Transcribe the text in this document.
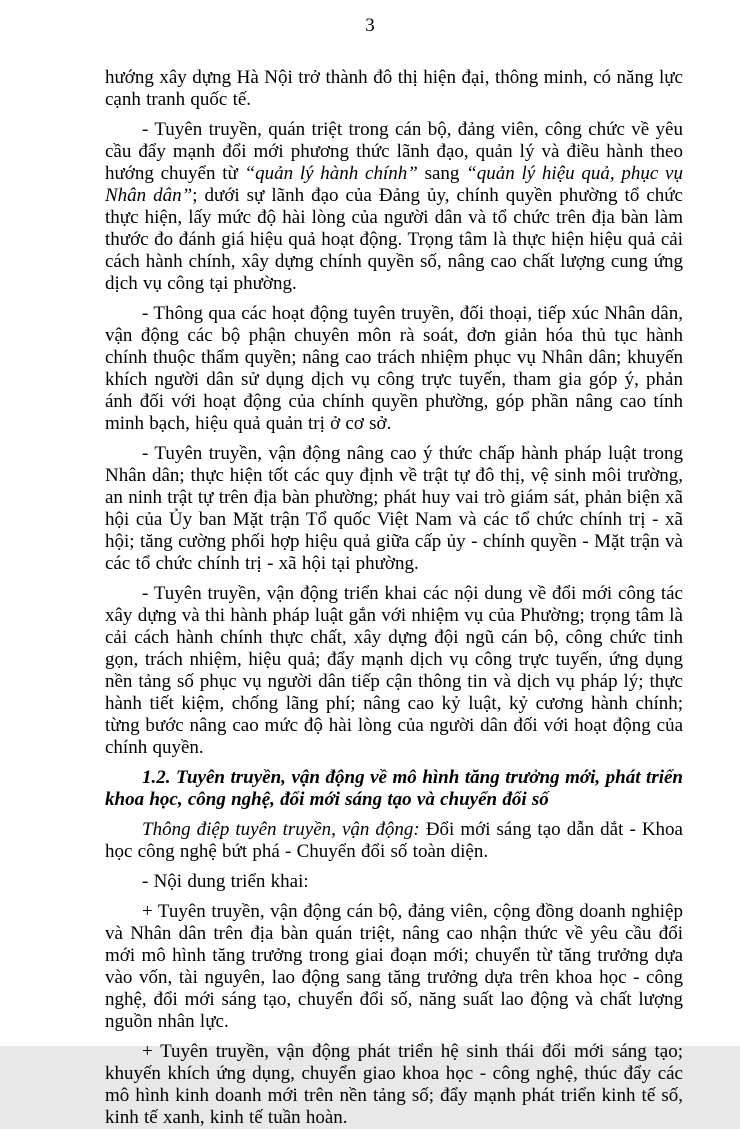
3

hướng xây dựng Hà Nội trở thành đô thị hiện đại, thông minh, có năng lực cạnh tranh quốc tế.

- Tuyên truyền, quán triệt trong cán bộ, đảng viên, công chức về yêu cầu đẩy mạnh đổi mới phương thức lãnh đạo, quản lý và điều hành theo hướng chuyển từ “quản lý hành chính” sang “quản lý hiệu quả, phục vụ Nhân dân”; dưới sự lãnh đạo của Đảng ủy, chính quyền phường tổ chức thực hiện, lấy mức độ hài lòng của người dân và tổ chức trên địa bàn làm thước đo đánh giá hiệu quả hoạt động. Trọng tâm là thực hiện hiệu quả cải cách hành chính, xây dựng chính quyền số, nâng cao chất lượng cung ứng dịch vụ công tại phường.

- Thông qua các hoạt động tuyên truyền, đối thoại, tiếp xúc Nhân dân, vận động các bộ phận chuyên môn rà soát, đơn giản hóa thủ tục hành chính thuộc thẩm quyền; nâng cao trách nhiệm phục vụ Nhân dân; khuyến khích người dân sử dụng dịch vụ công trực tuyến, tham gia góp ý, phản ánh đối với hoạt động của chính quyền phường, góp phần nâng cao tính minh bạch, hiệu quả quản trị ở cơ sở.

- Tuyên truyền, vận động nâng cao ý thức chấp hành pháp luật trong Nhân dân; thực hiện tốt các quy định về trật tự đô thị, vệ sinh môi trường, an ninh trật tự trên địa bàn phường; phát huy vai trò giám sát, phản biện xã hội của Ủy ban Mặt trận Tổ quốc Việt Nam và các tổ chức chính trị - xã hội; tăng cường phối hợp hiệu quả giữa cấp ủy - chính quyền - Mặt trận và các tổ chức chính trị - xã hội tại phường.

- Tuyên truyền, vận động triển khai các nội dung về đổi mới công tác xây dựng và thi hành pháp luật gắn với nhiệm vụ của Phường; trọng tâm là cải cách hành chính thực chất, xây dựng đội ngũ cán bộ, công chức tinh gọn, trách nhiệm, hiệu quả; đẩy mạnh dịch vụ công trực tuyến, ứng dụng nền tảng số phục vụ người dân tiếp cận thông tin và dịch vụ pháp lý; thực hành tiết kiệm, chống lãng phí; nâng cao kỷ luật, kỷ cương hành chính; từng bước nâng cao mức độ hài lòng của người dân đối với hoạt động của chính quyền.

1.2. Tuyên truyền, vận động về mô hình tăng trưởng mới, phát triển khoa học, công nghệ, đổi mới sáng tạo và chuyển đổi số

Thông điệp tuyên truyền, vận động: Đổi mới sáng tạo dẫn dắt - Khoa học công nghệ bứt phá - Chuyển đổi số toàn diện.

- Nội dung triển khai:

+ Tuyên truyền, vận động cán bộ, đảng viên, cộng đồng doanh nghiệp và Nhân dân trên địa bàn quán triệt, nâng cao nhận thức về yêu cầu đổi mới mô hình tăng trưởng trong giai đoạn mới; chuyển từ tăng trưởng dựa vào vốn, tài nguyên, lao động sang tăng trưởng dựa trên khoa học - công nghệ, đổi mới sáng tạo, chuyển đổi số, năng suất lao động và chất lượng nguồn nhân lực.

+ Tuyên truyền, vận động phát triển hệ sinh thái đổi mới sáng tạo; khuyến khích ứng dụng, chuyển giao khoa học - công nghệ, thúc đẩy các mô hình kinh doanh mới trên nền tảng số; đẩy mạnh phát triển kinh tế số, kinh tế xanh, kinh tế tuần hoàn.
